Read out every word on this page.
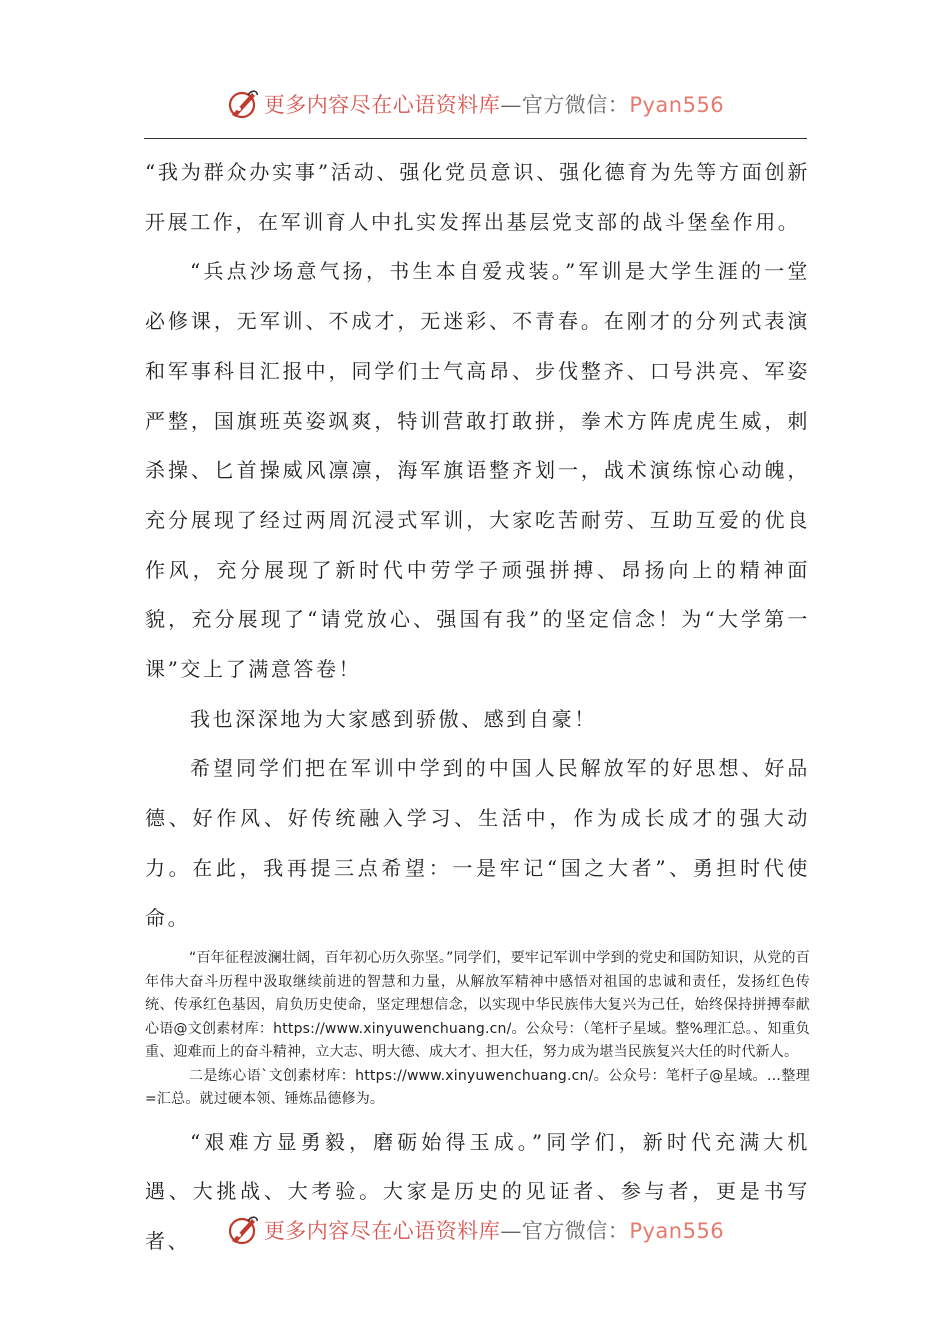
更多内容尽在心语资料库—官方微信：Pyan556

“我为群众办实事”活动、强化党员意识、强化德育为先等方面创新开展工作，在军训育人中扎实发挥出基层党支部的战斗堡垒作用。

“兵点沙场意气扬，书生本自爱戎装。”军训是大学生涯的一堂必修课，无军训、不成才，无迷彩、不青春。在刚才的分列式表演和军事科目汇报中，同学们士气高昂、步伐整齐、口号洪亮、军姿严整，国旗班英姿飒爽，特训营敢打敢拼，拳术方阵虎虎生威，刺杀操、匕首操威风凛凛，海军旗语整齐划一，战术演练惊心动魄，充分展现了经过两周沉浸式军训，大家吃苦耐劳、互助互爱的优良作风，充分展现了新时代中劳学子顽强拼搏、昂扬向上的精神面貌，充分展现了“请党放心、强国有我”的坚定信念！为“大学第一课”交上了满意答卷！

我也深深地为大家感到骄傲、感到自豪！

希望同学们把在军训中学到的中国人民解放军的好思想、好品德、好作风、好传统融入学习、生活中，作为成长成才的强大动力。在此，我再提三点希望：一是牢记“国之大者”、勇担时代使命。

“百年征程波澜壮阔，百年初心历久弥坚。”同学们，要牢记军训中学到的党史和国防知识，从党的百年伟大奋斗历程中汲取继续前进的智慧和力量，从解放军精神中感悟对祖国的忠诚和责任，发扬红色传统、传承红色基因，肩负历史使命，坚定理想信念，以实现中华民族伟大复兴为己任，始终保持拼搏奉献心语@文创素材库：https://www.xinyuwenchuang.cn/。公众号：（笔杆子星域。整%理汇总。、知重负重、迎难而上的奋斗精神，立大志、明大德、成大才、担大任，努力成为堪当民族复兴大任的时代新人。

二是练心语`文创素材库：https://www.xinyuwenchuang.cn/。公众号：笔杆子@星域。…整理=汇总。就过硬本领、锤炼品德修为。

“艰难方显勇毅，磨砺始得玉成。”同学们，新时代充满大机遇、大挑战、大考验。大家是历史的见证者、参与者，更是书写者、	更多内容尽在心语资料库—官方微信：Pyan556
